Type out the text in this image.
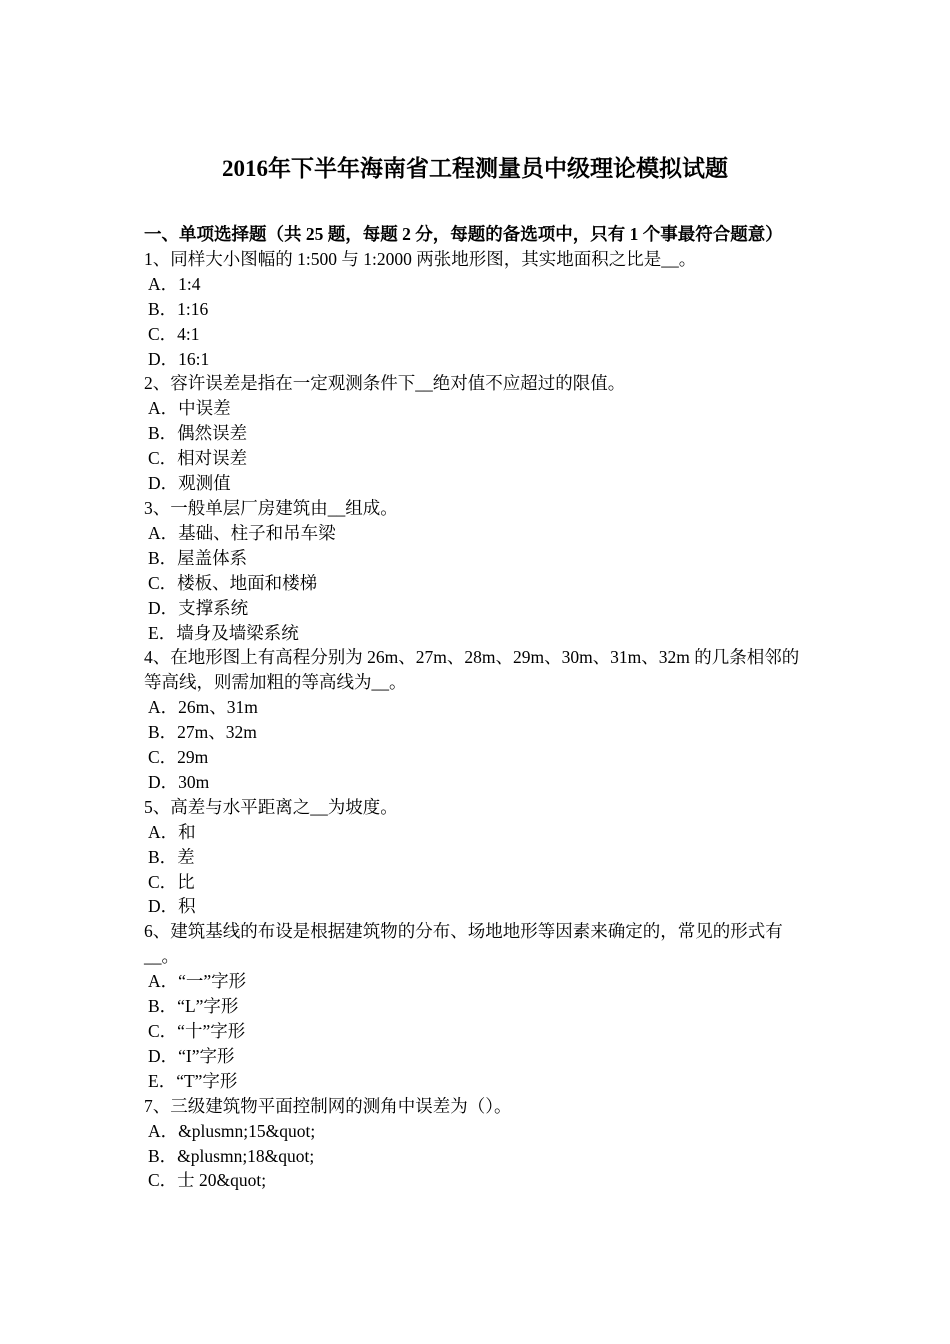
2016年下半年海南省工程测量员中级理论模拟试题
一、单项选择题（共 25 题，每题 2 分，每题的备选项中，只有 1 个事最符合题意）
1、同样大小图幅的 1:500 与 1:2000 两张地形图，其实地面积之比是__。
A．1:4
B．1:16
C．4:1
D．16:1
2、容许误差是指在一定观测条件下__绝对值不应超过的限值。
A．中误差
B．偶然误差
C．相对误差
D．观测值
3、一般单层厂房建筑由__组成。
A．基础、柱子和吊车梁
B．屋盖体系
C．楼板、地面和楼梯
D．支撑系统
E．墙身及墙梁系统
4、在地形图上有高程分别为 26m、27m、28m、29m、30m、31m、32m 的几条相邻的等高线，则需加粗的等高线为__。
A．26m、31m
B．27m、32m
C．29m
D．30m
5、高差与水平距离之__为坡度。
A．和
B．差
C．比
D．积
6、建筑基线的布设是根据建筑物的分布、场地地形等因素来确定的，常见的形式有__。
A．“一”字形
B．“L”字形
C．“十”字形
D．“I”字形
E．“T”字形
7、三级建筑物平面控制网的测角中误差为（）。
A．&plusmn;15&quot;
B．&plusmn;18&quot;
C．士 20&quot;
